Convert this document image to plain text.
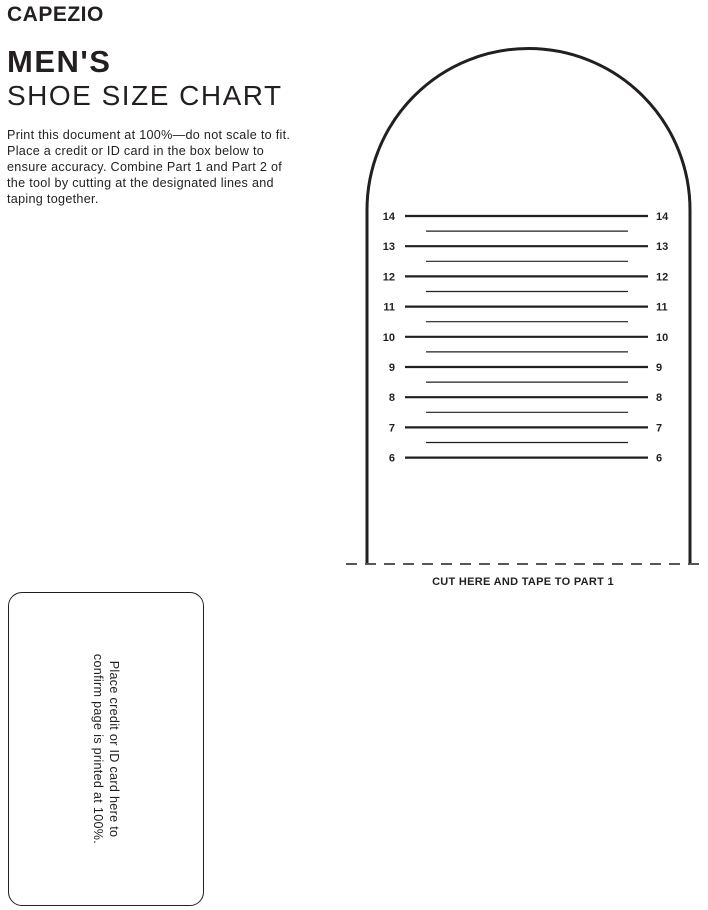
CAPEZIO
MEN'S
SHOE SIZE CHART
Print this document at 100%—do not scale to fit. Place a credit or ID card in the box below to ensure accuracy. Combine Part 1 and Part 2 of the tool by cutting at the designated lines and taping together.
14	14
13	13
12	12
11	11
10	10
9	9
8	8
7	7
6	6
CUT HERE AND TAPE TO PART 1
Place credit or ID card here to confirm page is printed at 100%.
